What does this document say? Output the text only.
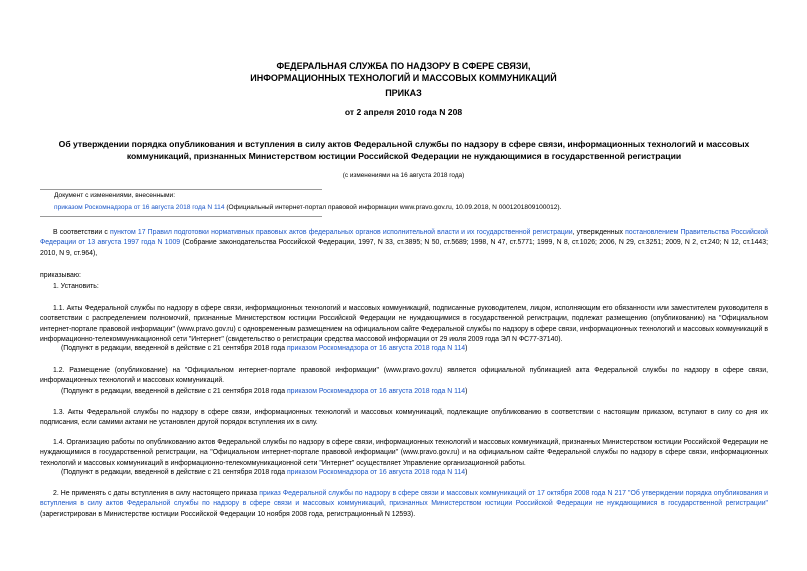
ФЕДЕРАЛЬНАЯ СЛУЖБА ПО НАДЗОРУ В СФЕРЕ СВЯЗИ,
ИНФОРМАЦИОННЫХ ТЕХНОЛОГИЙ И МАССОВЫХ КОММУНИКАЦИЙ
ПРИКАЗ
от 2 апреля 2010 года N 208
Об утверждении порядка опубликования и вступления в силу актов Федеральной службы по надзору в сфере связи, информационных технологий и массовых коммуникаций, признанных Министерством юстиции Российской Федерации не нуждающимися в государственной регистрации
(с изменениями на 16 августа 2018 года)
Документ с изменениями, внесенными:
приказом Роскомнадзора от 16 августа 2018 года N 114 (Официальный интернет-портал правовой информации www.pravo.gov.ru, 10.09.2018, N 0001201809100012).
В соответствии с пунктом 17 Правил подготовки нормативных правовых актов федеральных органов исполнительной власти и их государственной регистрации, утвержденных постановлением Правительства Российской Федерации от 13 августа 1997 года N 1009 (Собрание законодательства Российской Федерации, 1997, N 33, ст.3895; N 50, ст.5689; 1998, N 47, ст.5771; 1999, N 8, ст.1026; 2006, N 29, ст.3251; 2009, N 2, ст.240; N 12, ст.1443; 2010, N 9, ст.964),
приказываю:
1. Установить:
1.1. Акты Федеральной службы по надзору в сфере связи, информационных технологий и массовых коммуникаций, подписанные руководителем, лицом, исполняющим его обязанности или заместителем руководителя в соответствии с распределением полномочий, признанные Министерством юстиции Российской Федерации не нуждающимися в государственной регистрации, подлежат размещению (опубликованию) на "Официальном интернет-портале правовой информации" (www.pravo.gov.ru) с одновременным размещением на официальном сайте Федеральной службы по надзору в сфере связи, информационных технологий и массовых коммуникаций в информационно-телекоммуникационной сети "Интернет" (свидетельство о регистрации средства массовой информации от 29 июля 2009 года ЭЛ N ФС77-37140).
(Подпункт в редакции, введенной в действие с 21 сентября 2018 года приказом Роскомнадзора от 16 августа 2018 года N 114)
1.2. Размещение (опубликование) на "Официальном интернет-портале правовой информации" (www.pravo.gov.ru) является официальной публикацией акта Федеральной службы по надзору в сфере связи, информационных технологий и массовых коммуникаций.
(Подпункт в редакции, введенной в действие с 21 сентября 2018 года приказом Роскомнадзора от 16 августа 2018 года N 114)
1.3. Акты Федеральной службы по надзору в сфере связи, информационных технологий и массовых коммуникаций, подлежащие опубликованию в соответствии с настоящим приказом, вступают в силу со дня их подписания, если самими актами не установлен другой порядок вступления их в силу.
1.4. Организацию работы по опубликованию актов Федеральной службы по надзору в сфере связи, информационных технологий и массовых коммуникаций, признанных Министерством юстиции Российской Федерации не нуждающимися в государственной регистрации, на "Официальном интернет-портале правовой информации" (www.pravo.gov.ru) и на официальном сайте Федеральной службы по надзору в сфере связи, информационных технологий и массовых коммуникаций в информационно-телекоммуникационной сети "Интернет" осуществляет Управление организационной работы.
(Подпункт в редакции, введенной в действие с 21 сентября 2018 года приказом Роскомнадзора от 16 августа 2018 года N 114)
2. Не применять с даты вступления в силу настоящего приказа приказ Федеральной службы по надзору в сфере связи и массовых коммуникаций от 17 октября 2008 года N 217 "Об утверждении порядка опубликования и вступления в силу актов Федеральной службы по надзору в сфере связи и массовых коммуникаций, признанных Министерством юстиции Российской Федерации не нуждающимися в государственной регистрации" (зарегистрирован в Министерстве юстиции Российской Федерации 10 ноября 2008 года, регистрационный N 12593).
